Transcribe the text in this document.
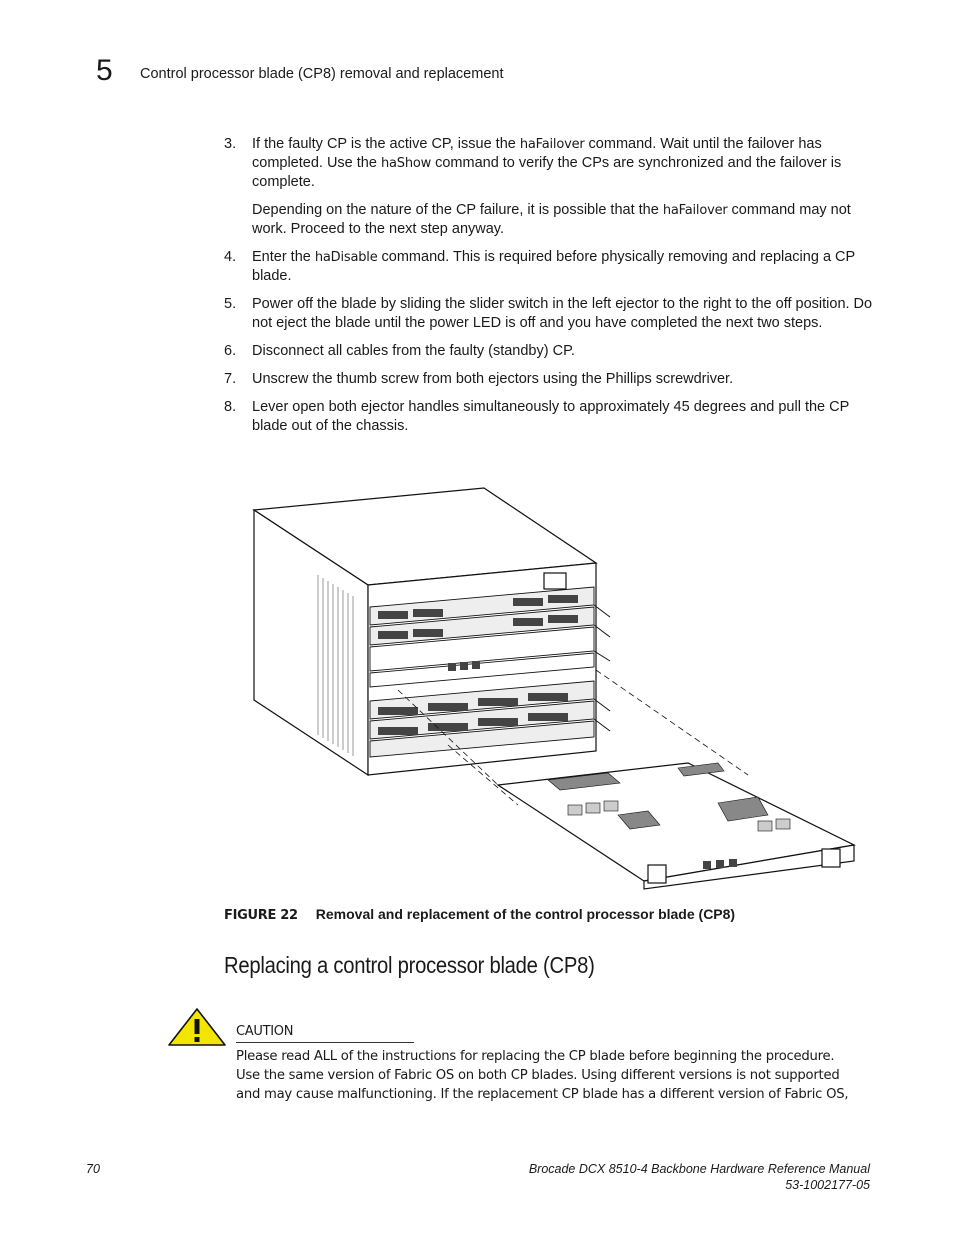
5 Control processor blade (CP8) removal and replacement
3. If the faulty CP is the active CP, issue the haFailover command. Wait until the failover has completed. Use the haShow command to verify the CPs are synchronized and the failover is complete.
Depending on the nature of the CP failure, it is possible that the haFailover command may not work. Proceed to the next step anyway.
4. Enter the haDisable command. This is required before physically removing and replacing a CP blade.
5. Power off the blade by sliding the slider switch in the left ejector to the right to the off position. Do not eject the blade until the power LED is off and you have completed the next two steps.
6. Disconnect all cables from the faulty (standby) CP.
7. Unscrew the thumb screw from both ejectors using the Phillips screwdriver.
8. Lever open both ejector handles simultaneously to approximately 45 degrees and pull the CP blade out of the chassis.
FIGURE 22 Removal and replacement of the control processor blade (CP8)
Replacing a control processor blade (CP8)
CAUTION
Please read ALL of the instructions for replacing the CP blade before beginning the procedure.
Use the same version of Fabric OS on both CP blades. Using different versions is not supported
and may cause malfunctioning. If the replacement CP blade has a different version of Fabric OS,
70	Brocade DCX 8510-4 Backbone Hardware Reference Manual
53-1002177-05
